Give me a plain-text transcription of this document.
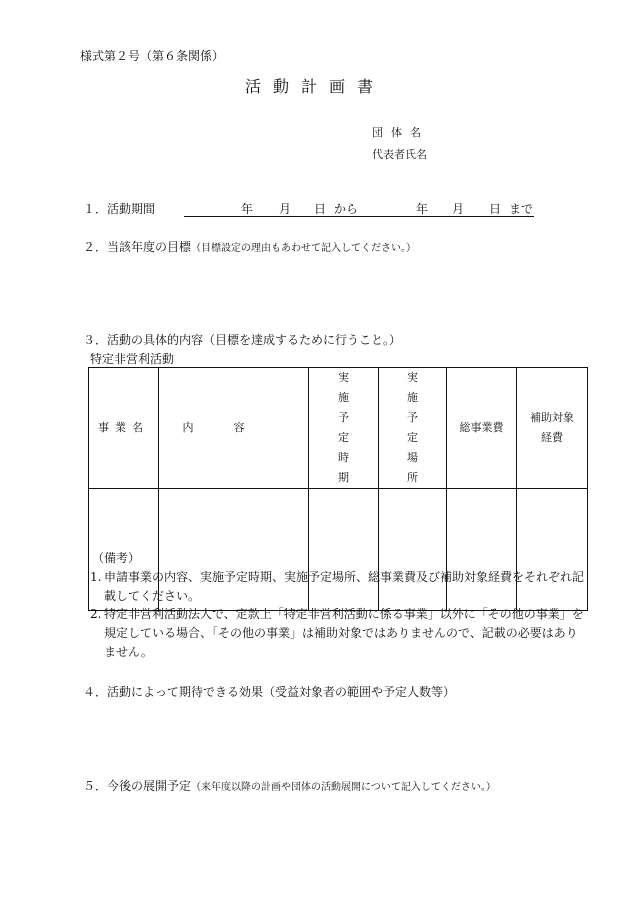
様式第２号（第６条関係）
活動計画書
団体名
代表者氏名
１．活動期間	年 月 日 から	年 月 日 まで
２．当該年度の目標（目標設定の理由もあわせて記入してください。）
３．活動の具体的内容（目標を達成するために行うこと。）
特定非営利活動
事業名	内容	実施予定時期	実施予定場所	総事業費	補助対象経費

（備考）
1. 申請事業の内容、実施予定時期、実施予定場所、総事業費及び補助対象経費をそれぞれ記載してください。
2. 特定非営利活動法人で、定款上「特定非営利活動に係る事業」以外に「その他の事業」を規定している場合、「その他の事業」は補助対象ではありませんので、記載の必要はありません。
４．活動によって期待できる効果（受益対象者の範囲や予定人数等）
５．今後の展開予定（来年度以降の計画や団体の活動展開について記入してください。）
